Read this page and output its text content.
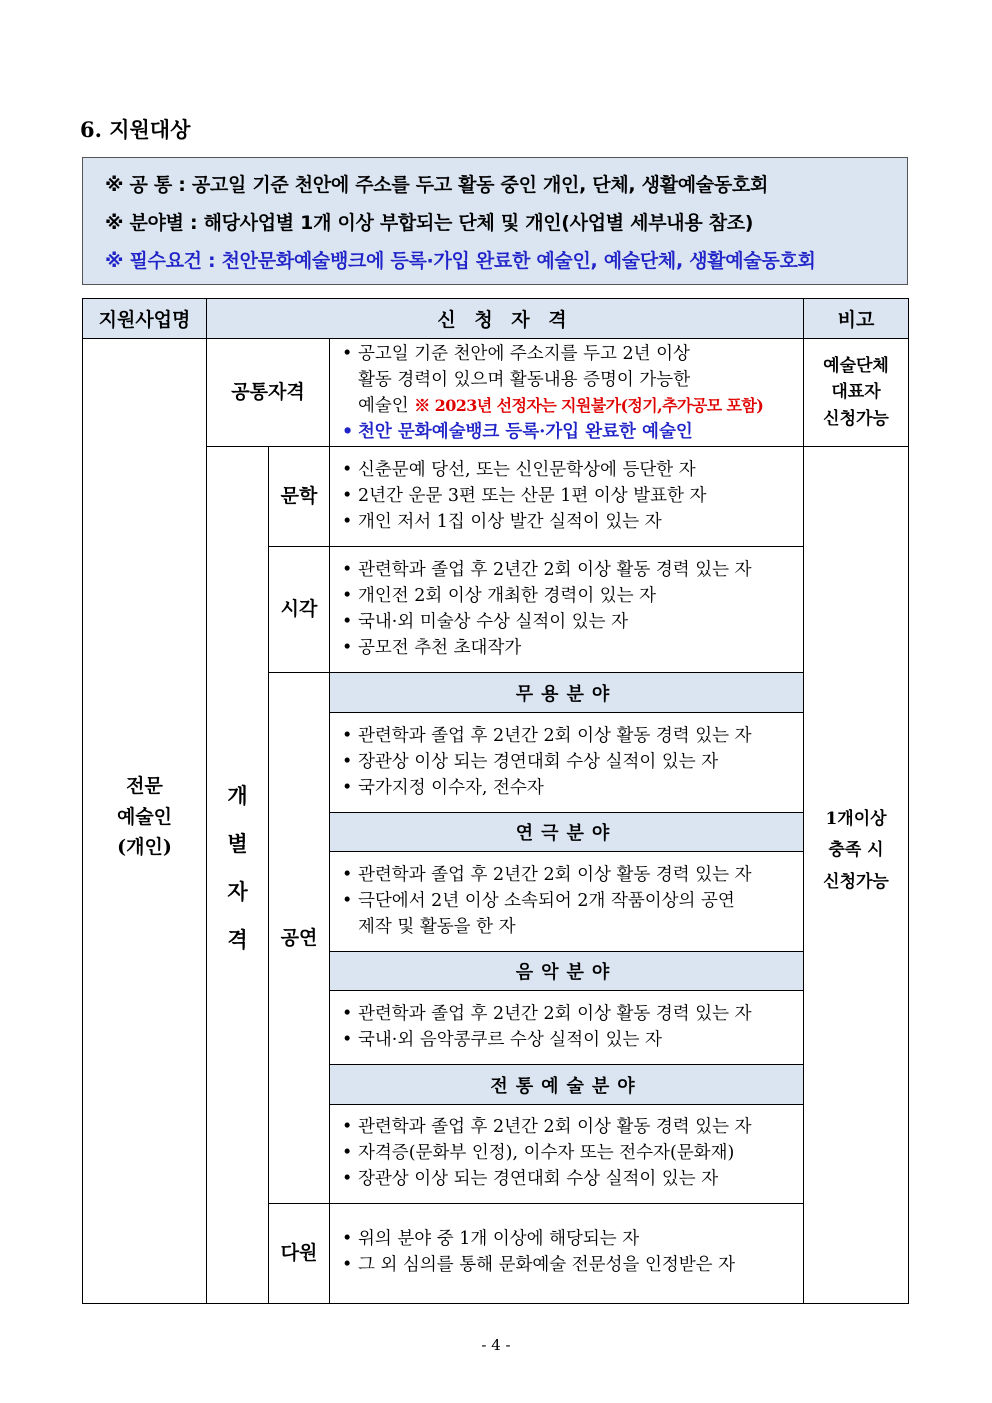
6. 지원대상
※ 공 통 : 공고일 기준 천안에 주소를 두고 활동 중인 개인, 단체, 생활예술동호회
※ 분야별 : 해당사업별 1개 이상 부합되는 단체 및 개인(사업별 세부내용 참조)
※ 필수요건 : 천안문화예술뱅크에 등록·가입 완료한 예술인, 예술단체, 생활예술동호회
지원사업명	신 청 자 격	비고
전문
예술인
(개인)
공통자격
• 공고일 기준 천안에 주소지를 두고 2년 이상
활동 경력이 있으며 활동내용 증명이 가능한
예술인 ※ 2023년 선정자는 지원불가(정기,추가공모 포함)
• 천안 문화예술뱅크 등록·가입 완료한 예술인
예술단체
대표자
신청가능
개
별
자
격
1개이상
충족 시
신청가능
문학
• 신춘문예 당선, 또는 신인문학상에 등단한 자
• 2년간 운문 3편 또는 산문 1편 이상 발표한 자
• 개인 저서 1집 이상 발간 실적이 있는 자
시각
• 관련학과 졸업 후 2년간 2회 이상 활동 경력 있는 자
• 개인전 2회 이상 개최한 경력이 있는 자
• 국내·외 미술상 수상 실적이 있는 자
• 공모전 추천 초대작가
공연
무용분야
• 관련학과 졸업 후 2년간 2회 이상 활동 경력 있는 자
• 장관상 이상 되는 경연대회 수상 실적이 있는 자
• 국가지정 이수자, 전수자
연극분야
• 관련학과 졸업 후 2년간 2회 이상 활동 경력 있는 자
• 극단에서 2년 이상 소속되어 2개 작품이상의 공연
제작 및 활동을 한 자
음악분야
• 관련학과 졸업 후 2년간 2회 이상 활동 경력 있는 자
• 국내·외 음악콩쿠르 수상 실적이 있는 자
전통예술분야
• 관련학과 졸업 후 2년간 2회 이상 활동 경력 있는 자
• 자격증(문화부 인정), 이수자 또는 전수자(문화재)
• 장관상 이상 되는 경연대회 수상 실적이 있는 자
다원
• 위의 분야 중 1개 이상에 해당되는 자
• 그 외 심의를 통해 문화예술 전문성을 인정받은 자
- 4 -
